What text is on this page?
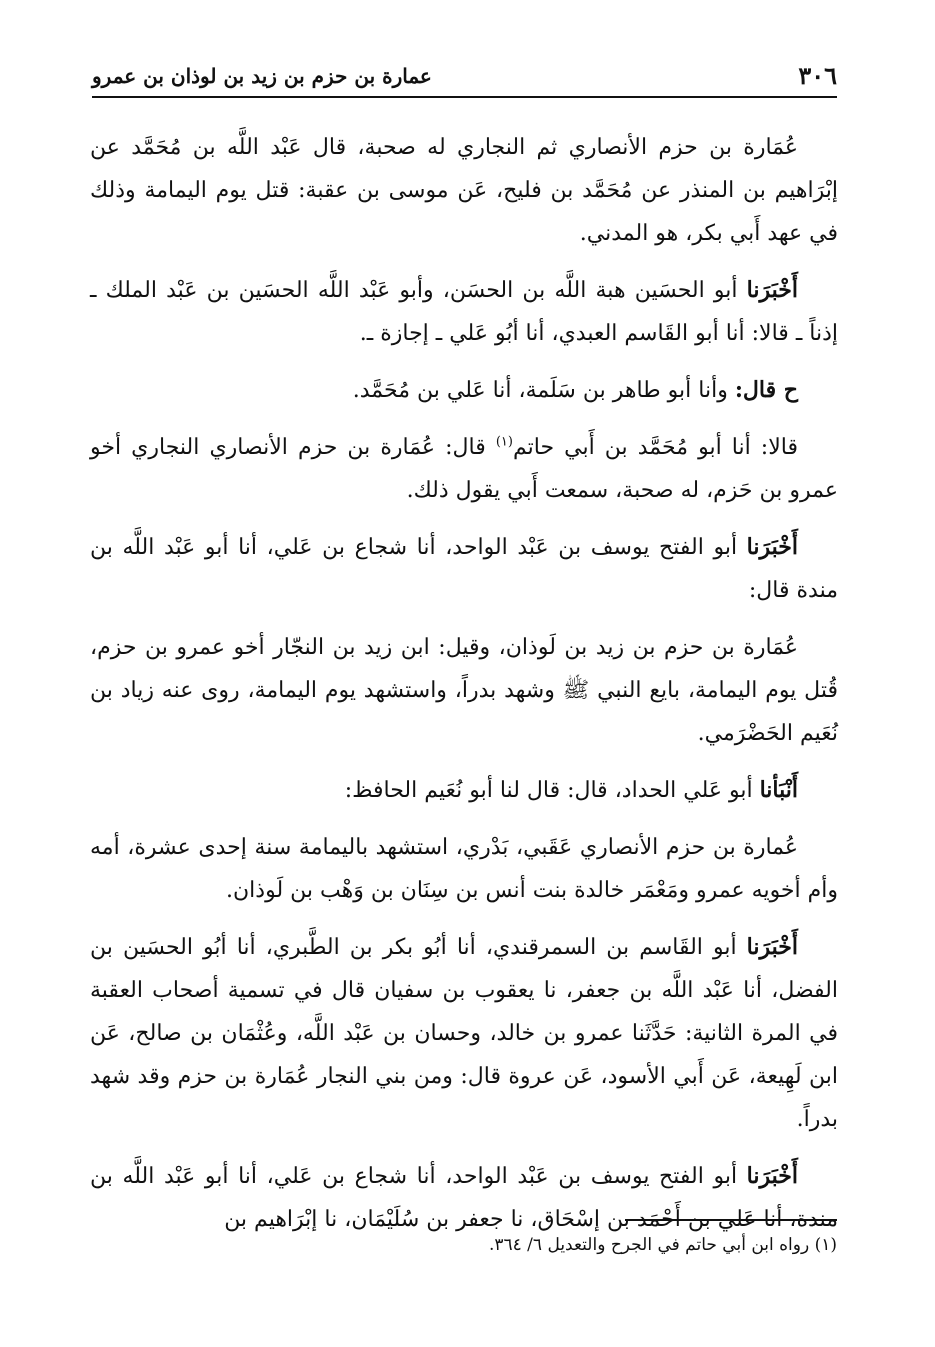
٣٠٦
عمارة بن حزم بن زيد بن لوذان بن عمرو

عُمَارة بن حزم الأنصاري ثم النجاري له صحبة، قال عَبْد اللَّه بن مُحَمَّد عن إبْرَاهيم بن المنذر عن مُحَمَّد بن فليح، عَن موسى بن عقبة: قتل يوم اليمامة وذلك في عهد أَبي بكر، هو المدني.

أَخْبَرَنا أبو الحسَين هبة اللَّه بن الحسَن، وأبو عَبْد اللَّه الحسَين بن عَبْد الملك ـ إذناً ـ قالا: أنا أبو القَاسم العبدي، أنا أبُو عَلي ـ إجازة ـ.

ح قال: وأنا أبو طاهر بن سَلَمة، أنا عَلي بن مُحَمَّد.

قالا: أنا أبو مُحَمَّد بن أَبي حاتم$^{(١)}$ قال: عُمَارة بن حزم الأنصاري النجاري أخو عمرو بن حَزم، له صحبة، سمعت أَبي يقول ذلك.

أَخْبَرَنا أبو الفتح يوسف بن عَبْد الواحد، أنا شجاع بن عَلي، أنا أبو عَبْد اللَّه بن مندة قال:

عُمَارة بن حزم بن زيد بن لَوذان، وقيل: ابن زيد بن النجّار أخو عمرو بن حزم، قُتل يوم اليمامة، بايع النبي ﷺ وشهد بدراً، واستشهد يوم اليمامة، روى عنه زياد بن نُعَيم الحَضْرَمي.

أَنْبَأنا أبو عَلي الحداد، قال: قال لنا أبو نُعَيم الحافظ:

عُمارة بن حزم الأنصاري عَقَبي، بَدْري، استشهد باليمامة سنة إحدى عشرة، أمه وأم أخويه عمرو ومَعْمَر خالدة بنت أنس بن سِنَان بن وَهْب بن لَوذان.

أَخْبَرَنا أبو القَاسم بن السمرقندي، أنا أبُو بكر بن الطَّبري، أنا أبُو الحسَين بن الفضل، أنا عَبْد اللَّه بن جعفر، نا يعقوب بن سفيان قال في تسمية أصحاب العقبة في المرة الثانية: حَدَّثَنا عمرو بن خالد، وحسان بن عَبْد اللَّه، وعُثْمَان بن صالح، عَن ابن لَهِيعة، عَن أَبي الأسود، عَن عروة قال: ومن بني النجار عُمَارة بن حزم وقد شهد بدراً.

أَخْبَرَنا أبو الفتح يوسف بن عَبْد الواحد، أنا شجاع بن عَلي، أنا أبو عَبْد اللَّه بن مندة، أنا عَلي بن أَحْمَد بن إسْحَاق، نا جعفر بن سُلَيْمَان، نا إبْرَاهيم بن

(١) رواه ابن أبي حاتم في الجرح والتعديل ٦/ ٣٦٤.
